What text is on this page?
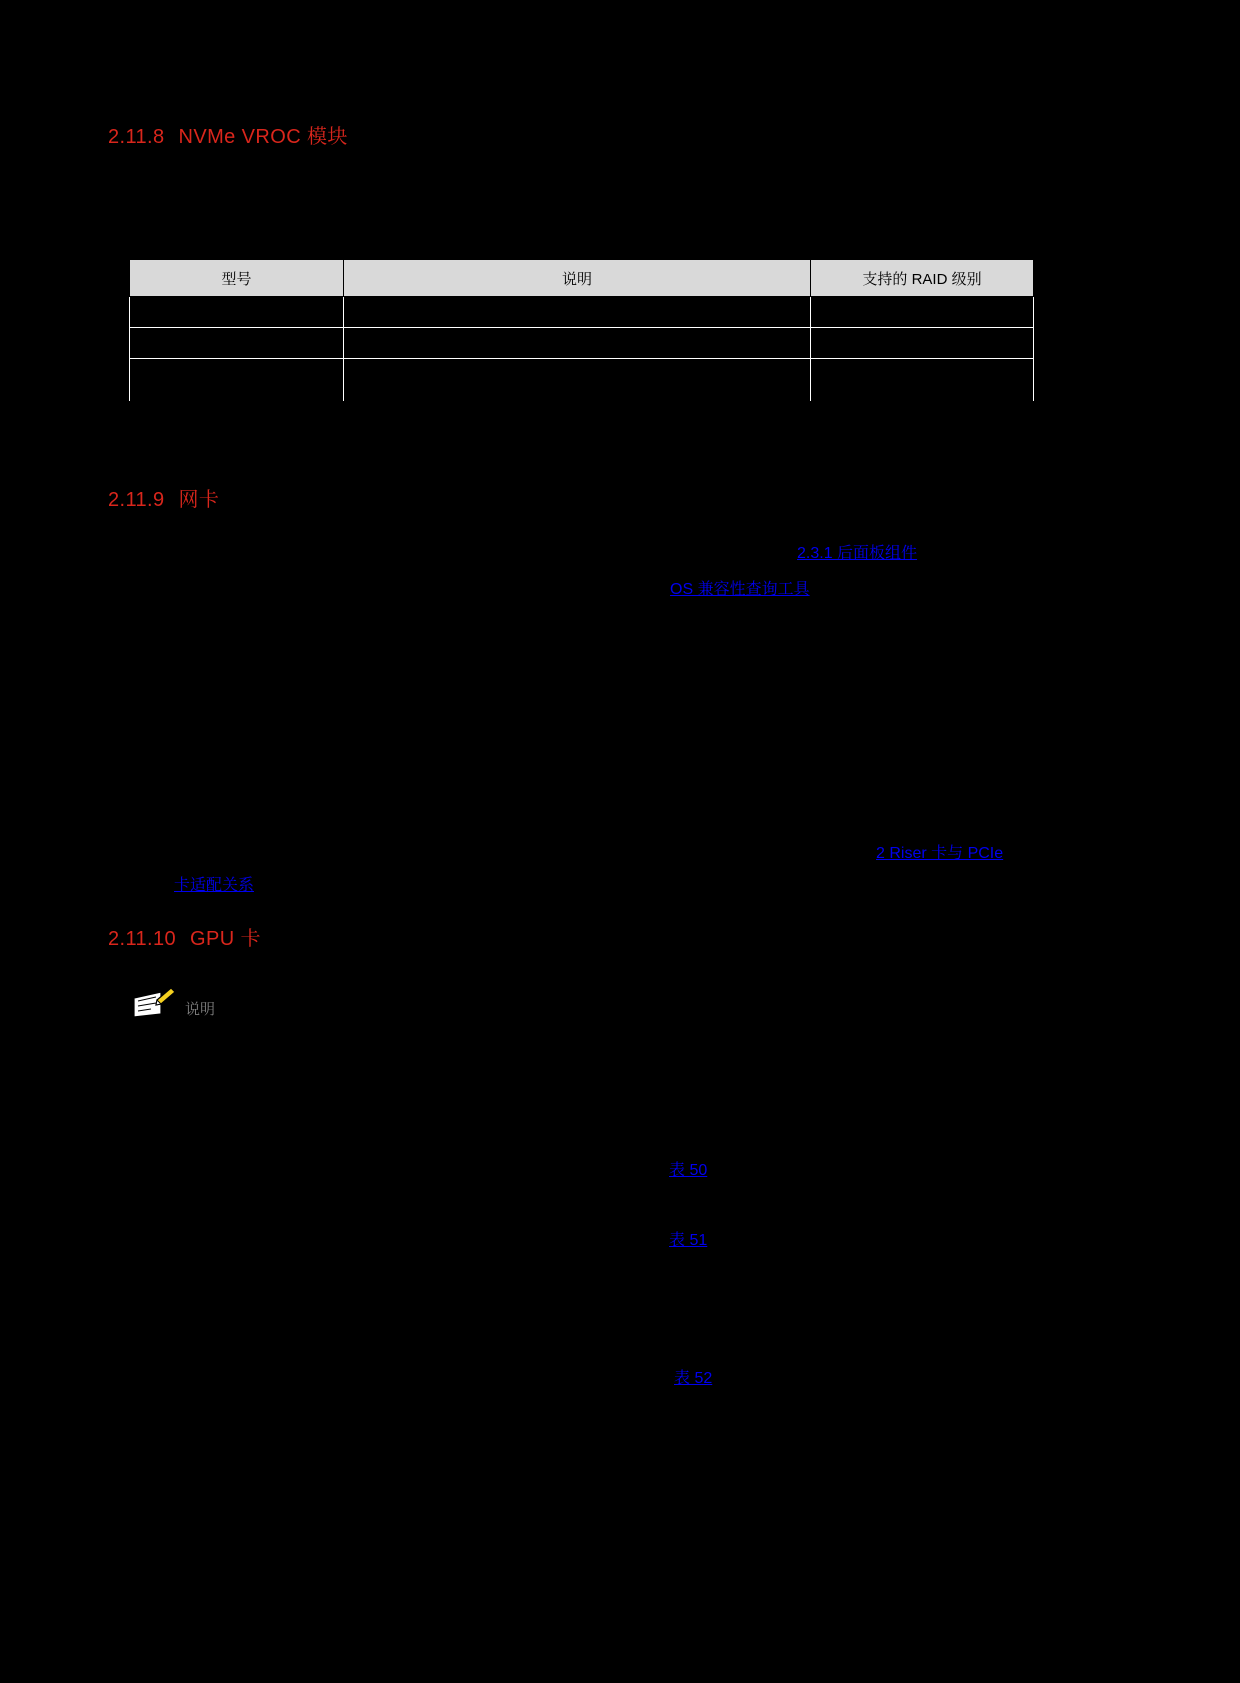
2.11.8 NVMe VROC 模块
型号	说明	支持的 RAID 级别

2.11.9 网卡
2.3.1 后面板组件
OS 兼容性查询工具
2 Riser 卡与 PCIe
卡适配关系
2.11.10 GPU 卡
说明
表 50
表 51
表 52
